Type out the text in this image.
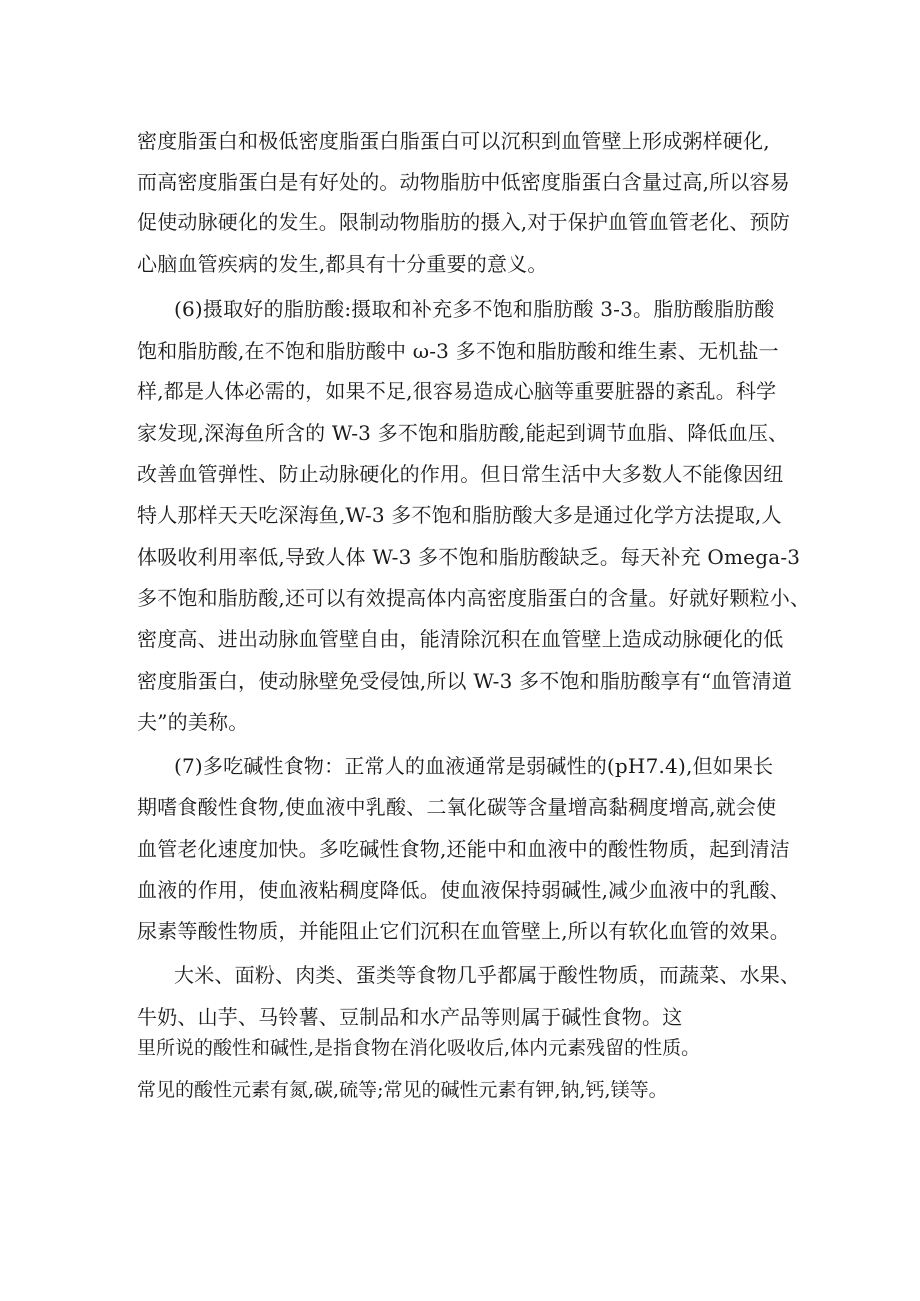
密度脂蛋白和极低密度脂蛋白脂蛋白可以沉积到血管壁上形成粥样硬化,
而高密度脂蛋白是有好处的。动物脂肪中低密度脂蛋白含量过高,所以容易
促使动脉硬化的发生。限制动物脂肪的摄入,对于保护血管血管老化、预防
心脑血管疾病的发生,都具有十分重要的意义。
(6)摄取好的脂肪酸:摄取和补充多不饱和脂肪酸 3-3。脂肪酸脂肪酸
饱和脂肪酸,在不饱和脂肪酸中 ω-3 多不饱和脂肪酸和维生素、无机盐一
样,都是人体必需的，如果不足,很容易造成心脑等重要脏器的紊乱。科学
家发现,深海鱼所含的 W-3 多不饱和脂肪酸,能起到调节血脂、降低血压、
改善血管弹性、防止动脉硬化的作用。但日常生活中大多数人不能像因纽
特人那样天天吃深海鱼,W-3 多不饱和脂肪酸大多是通过化学方法提取,人
体吸收利用率低,导致人体 W-3 多不饱和脂肪酸缺乏。每天补充 Omega-3
多不饱和脂肪酸,还可以有效提高体内高密度脂蛋白的含量。好就好颗粒小、
密度高、进出动脉血管壁自由，能清除沉积在血管壁上造成动脉硬化的低
密度脂蛋白，使动脉壁免受侵蚀,所以 W-3 多不饱和脂肪酸享有“血管清道
夫”的美称。
(7)多吃碱性食物：正常人的血液通常是弱碱性的(pH7.4),但如果长
期嗜食酸性食物,使血液中乳酸、二氧化碳等含量增高黏稠度增高,就会使
血管老化速度加快。多吃碱性食物,还能中和血液中的酸性物质，起到清洁
血液的作用，使血液粘稠度降低。使血液保持弱碱性,减少血液中的乳酸、
尿素等酸性物质，并能阻止它们沉积在血管壁上,所以有软化血管的效果。
大米、面粉、肉类、蛋类等食物几乎都属于酸性物质，而蔬菜、水果、
牛奶、山芋、马铃薯、豆制品和水产品等则属于碱性食物。这
里所说的酸性和碱性,是指食物在消化吸收后,体内元素残留的性质。
常见的酸性元素有氮,碳,硫等;常见的碱性元素有钾,钠,钙,镁等。
